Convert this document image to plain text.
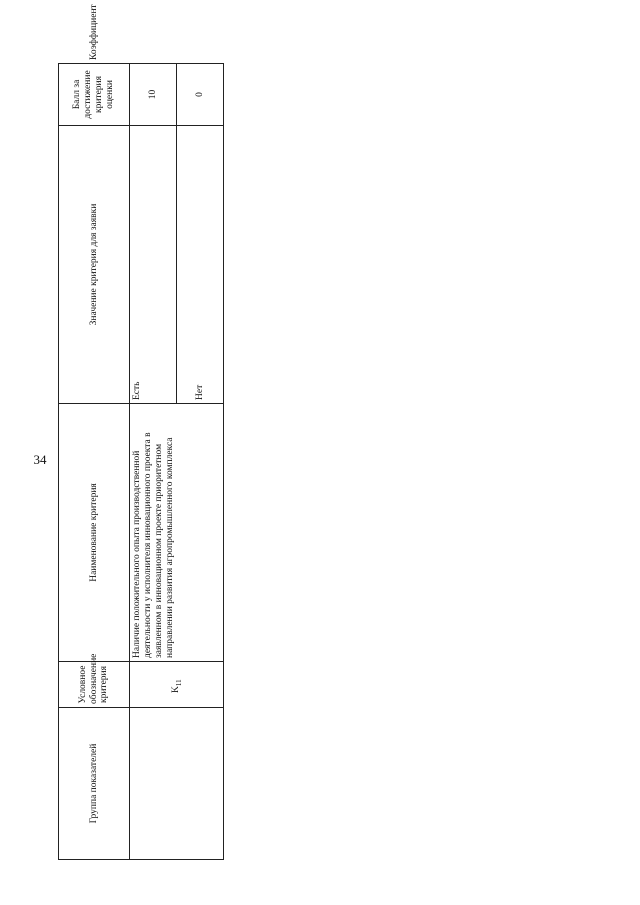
34
Группа показателей	Условное обозначение критерия	Наименование критерия	Значение критерия для заявки	Балл за достижение критерия оценки	Коэффициент
	$K_{11}$	Наличие положительного опыта производственной деятельности у исполнителя инновационного проекта в заявленном в инновационном проекте приоритетном направлении развития агропромышленного комплекса	Есть	10	
			Нет	0	
